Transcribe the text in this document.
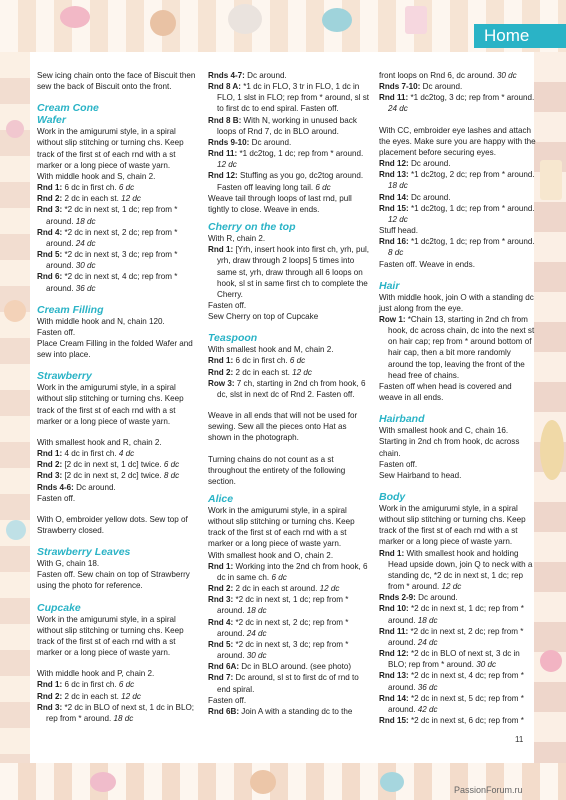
Home
Sew icing chain onto the face of Biscuit then sew the back of Biscuit onto the front.
Cream Cone
Wafer
Work in the amigurumi style, in a spiral without slip stitching or turning chs. Keep track of the first st of each rnd with a st marker or a long piece of waste yarn.
With middle hook and S, chain 2.
Rnd 1: 6 dc in first ch. 6 dc
Rnd 2: 2 dc in each st. 12 dc
Rnd 3: *2 dc in next st, 1 dc; rep from * around. 18 dc
Rnd 4: *2 dc in next st, 2 dc; rep from * around. 24 dc
Rnd 5: *2 dc in next st, 3 dc; rep from * around. 30 dc
Rnd 6: *2 dc in next st, 4 dc; rep from * around. 36 dc
Cream Filling
With middle hook and N, chain 120.
Fasten off.
Place Cream Filling in the folded Wafer and sew into place.
Strawberry
Work in the amigurumi style, in a spiral without slip stitching or turning chs. Keep track of the first st of each rnd with a st marker or a long piece of waste yarn.
With smallest hook and R, chain 2.
Rnd 1: 4 dc in first ch. 4 dc
Rnd 2: [2 dc in next st, 1 dc] twice. 6 dc
Rnd 3: [2 dc in next st, 2 dc] twice. 8 dc
Rnds 4-6: Dc around.
Fasten off.
With O, embroider yellow dots. Sew top of Strawberry closed.
Strawberry Leaves
With G, chain 18.
Fasten off. Sew chain on top of Strawberry using the photo for reference.
Cupcake
Work in the amigurumi style, in a spiral without slip stitching or turning chs. Keep track of the first st of each rnd with a st marker or a long piece of waste yarn.
With middle hook and P, chain 2.
Rnd 1: 6 dc in first ch. 6 dc
Rnd 2: 2 dc in each st. 12 dc
Rnd 3: *2 dc in BLO of next st, 1 dc in BLO; rep from * around. 18 dc
Rnds 4-7: Dc around.
Rnd 8 A: *1 dc in FLO, 3 tr in FLO, 1 dc in FLO, 1 slst in FLO; rep from * around, sl st to first dc to end spiral. Fasten off.
Rnd 8 B: With N, working in unused back loops of Rnd 7, dc in BLO around.
Rnds 9-10: Dc around.
Rnd 11: *1 dc2tog, 1 dc; rep from * around. 12 dc
Rnd 12: Stuffing as you go, dc2tog around. Fasten off leaving long tail. 6 dc
Weave tail through loops of last rnd, pull tightly to close. Weave in ends.
Cherry on the top
With R, chain 2.
Rnd 1: [Yrh, insert hook into first ch, yrh, pul, yrh, draw through 2 loops] 5 times into same st, yrh, draw through all 6 loops on hook, sl st in same first ch to complete the Cherry.
Fasten off.
Sew Cherry on top of Cupcake
Teaspoon
With smallest hook and M, chain 2.
Rnd 1: 6 dc in first ch. 6 dc
Rnd 2: 2 dc in each st. 12 dc
Row 3: 7 ch, starting in 2nd ch from hook, 6 dc, slst in next dc of Rnd 2. Fasten off.
Weave in all ends that will not be used for sewing. Sew all the pieces onto Hat as shown in the photograph.
Turning chains do not count as a st throughout the entirety of the following section.
Alice
Work in the amigurumi style, in a spiral without slip stitching or turning chs. Keep track of the first st of each rnd with a st marker or a long piece of waste yarn.
With smallest hook and O, chain 2.
Rnd 1: Working into the 2nd ch from hook, 6 dc in same ch. 6 dc
Rnd 2: 2 dc in each st around. 12 dc
Rnd 3: *2 dc in next st, 1 dc; rep from * around. 18 dc
Rnd 4: *2 dc in next st, 2 dc; rep from * around. 24 dc
Rnd 5: *2 dc in next st, 3 dc; rep from * around. 30 dc
Rnd 6A: Dc in BLO around. (see photo)
Rnd 7: Dc around, sl st to first dc of rnd to end spiral.
Fasten off.
Rnd 6B: Join A with a standing dc to the
front loops on Rnd 6, dc around. 30 dc
Rnds 7-10: Dc around.
Rnd 11: *1 dc2tog, 3 dc; rep from * around. 24 dc
With CC, embroider eye lashes and attach the eyes. Make sure you are happy with the placement before securing eyes.
Rnd 12: Dc around.
Rnd 13: *1 dc2tog, 2 dc; rep from * around. 18 dc
Rnd 14: Dc around.
Rnd 15: *1 dc2tog, 1 dc; rep from * around. 12 dc
Stuff head.
Rnd 16: *1 dc2tog, 1 dc; rep from * around. 8 dc
Fasten off. Weave in ends.
Hair
With middle hook, join O with a standing dc just along from the eye.
Row 1: *Chain 13, starting in 2nd ch from hook, dc across chain, dc into the next st on hair cap; rep from * around bottom of hair cap, then a bit more randomly around the top, leaving the front of the head free of chains.
Fasten off when head is covered and weave in all ends.
Hairband
With smallest hook and C, chain 16. Starting in 2nd ch from hook, dc across chain.
Fasten off.
Sew Hairband to head.
Body
Work in the amigurumi style, in a spiral without slip stitching or turning chs. Keep track of the first st of each rnd with a st marker or a long piece of waste yarn.
Rnd 1: With smallest hook and holding Head upside down, join Q to neck with a standing dc, *2 dc in next st, 1 dc; rep from * around. 12 dc
Rnds 2-9: Dc around.
Rnd 10: *2 dc in next st, 1 dc; rep from * around. 18 dc
Rnd 11: *2 dc in next st, 2 dc; rep from * around. 24 dc
Rnd 12: *2 dc in BLO of next st, 3 dc in BLO; rep from * around. 30 dc
Rnd 13: *2 dc in next st, 4 dc; rep from * around. 36 dc
Rnd 14: *2 dc in next st, 5 dc; rep from * around. 42 dc
Rnd 15: *2 dc in next st, 6 dc; rep from *
11
PassionForum.ru
